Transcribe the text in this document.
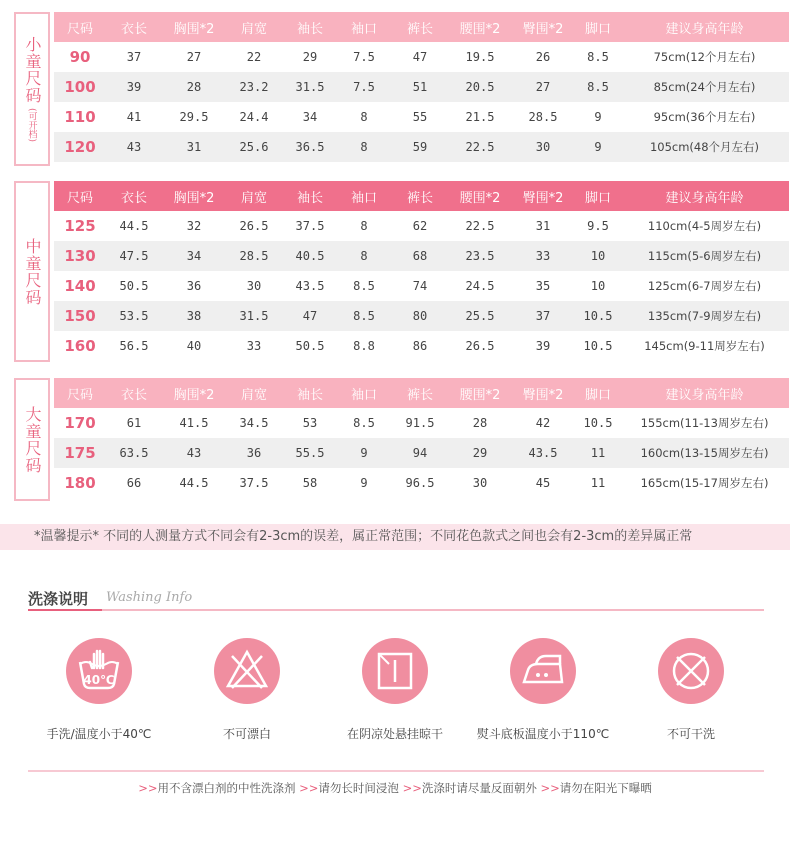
小童尺码
(可开档)
尺码	衣长	胸围*2	肩宽	袖长	袖口	裤长	腰围*2	臀围*2	脚口	建议身高年龄
90	37	27	22	29	7.5	47	19.5	26	8.5	75cm(12个月左右)
100	39	28	23.2	31.5	7.5	51	20.5	27	8.5	85cm(24个月左右)
110	41	29.5	24.4	34	8	55	21.5	28.5	9	95cm(36个月左右)
120	43	31	25.6	36.5	8	59	22.5	30	9	105cm(48个月左右)
中童尺码
尺码	衣长	胸围*2	肩宽	袖长	袖口	裤长	腰围*2	臀围*2	脚口	建议身高年龄
125	44.5	32	26.5	37.5	8	62	22.5	31	9.5	110cm(4-5周岁左右)
130	47.5	34	28.5	40.5	8	68	23.5	33	10	115cm(5-6周岁左右)
140	50.5	36	30	43.5	8.5	74	24.5	35	10	125cm(6-7周岁左右)
150	53.5	38	31.5	47	8.5	80	25.5	37	10.5	135cm(7-9周岁左右)
160	56.5	40	33	50.5	8.8	86	26.5	39	10.5	145cm(9-11周岁左右)
大童尺码
尺码	衣长	胸围*2	肩宽	袖长	袖口	裤长	腰围*2	臀围*2	脚口	建议身高年龄
170	61	41.5	34.5	53	8.5	91.5	28	42	10.5	155cm(11-13周岁左右)
175	63.5	43	36	55.5	9	94	29	43.5	11	160cm(13-15周岁左右)
180	66	44.5	37.5	58	9	96.5	30	45	11	165cm(15-17周岁左右)
*温馨提示* 不同的人测量方式不同会有2-3cm的误差，属正常范围；不同花色款式之间也会有2-3cm的差异属正常
洗涤说明 Washing Info
40℃
手洗/温度小于40℃	不可漂白	在阴凉处悬挂晾干	熨斗底板温度小于110℃	不可干洗
>>用不含漂白剂的中性洗涤剂 >>请勿长时间浸泡 >>洗涤时请尽量反面朝外 >>请勿在阳光下曝晒
